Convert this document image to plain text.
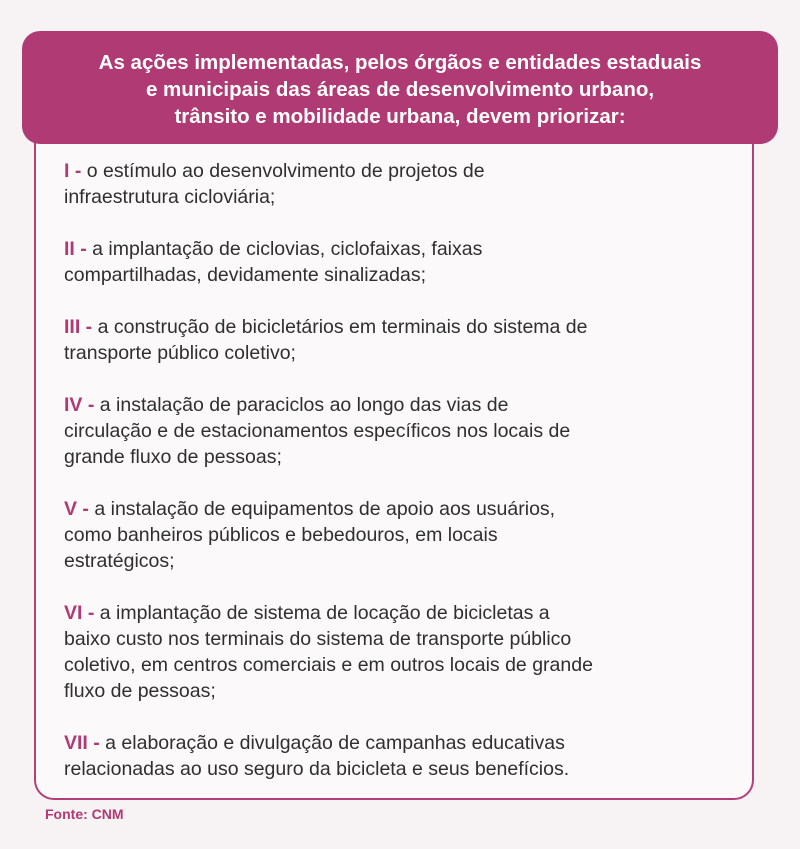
As ações implementadas, pelos órgãos e entidades estaduais
e municipais das áreas de desenvolvimento urbano,
trânsito e mobilidade urbana, devem priorizar:
I - o estímulo ao desenvolvimento de projetos de
infraestrutura cicloviária;
II - a implantação de ciclovias, ciclofaixas, faixas
compartilhadas, devidamente sinalizadas;
III - a construção de bicicletários em terminais do sistema de
transporte público coletivo;
IV - a instalação de paraciclos ao longo das vias de
circulação e de estacionamentos específicos nos locais de
grande fluxo de pessoas;
V - a instalação de equipamentos de apoio aos usuários,
como banheiros públicos e bebedouros, em locais
estratégicos;
VI - a implantação de sistema de locação de bicicletas a
baixo custo nos terminais do sistema de transporte público
coletivo, em centros comerciais e em outros locais de grande
fluxo de pessoas;
VII - a elaboração e divulgação de campanhas educativas
relacionadas ao uso seguro da bicicleta e seus benefícios.
Fonte: CNM
